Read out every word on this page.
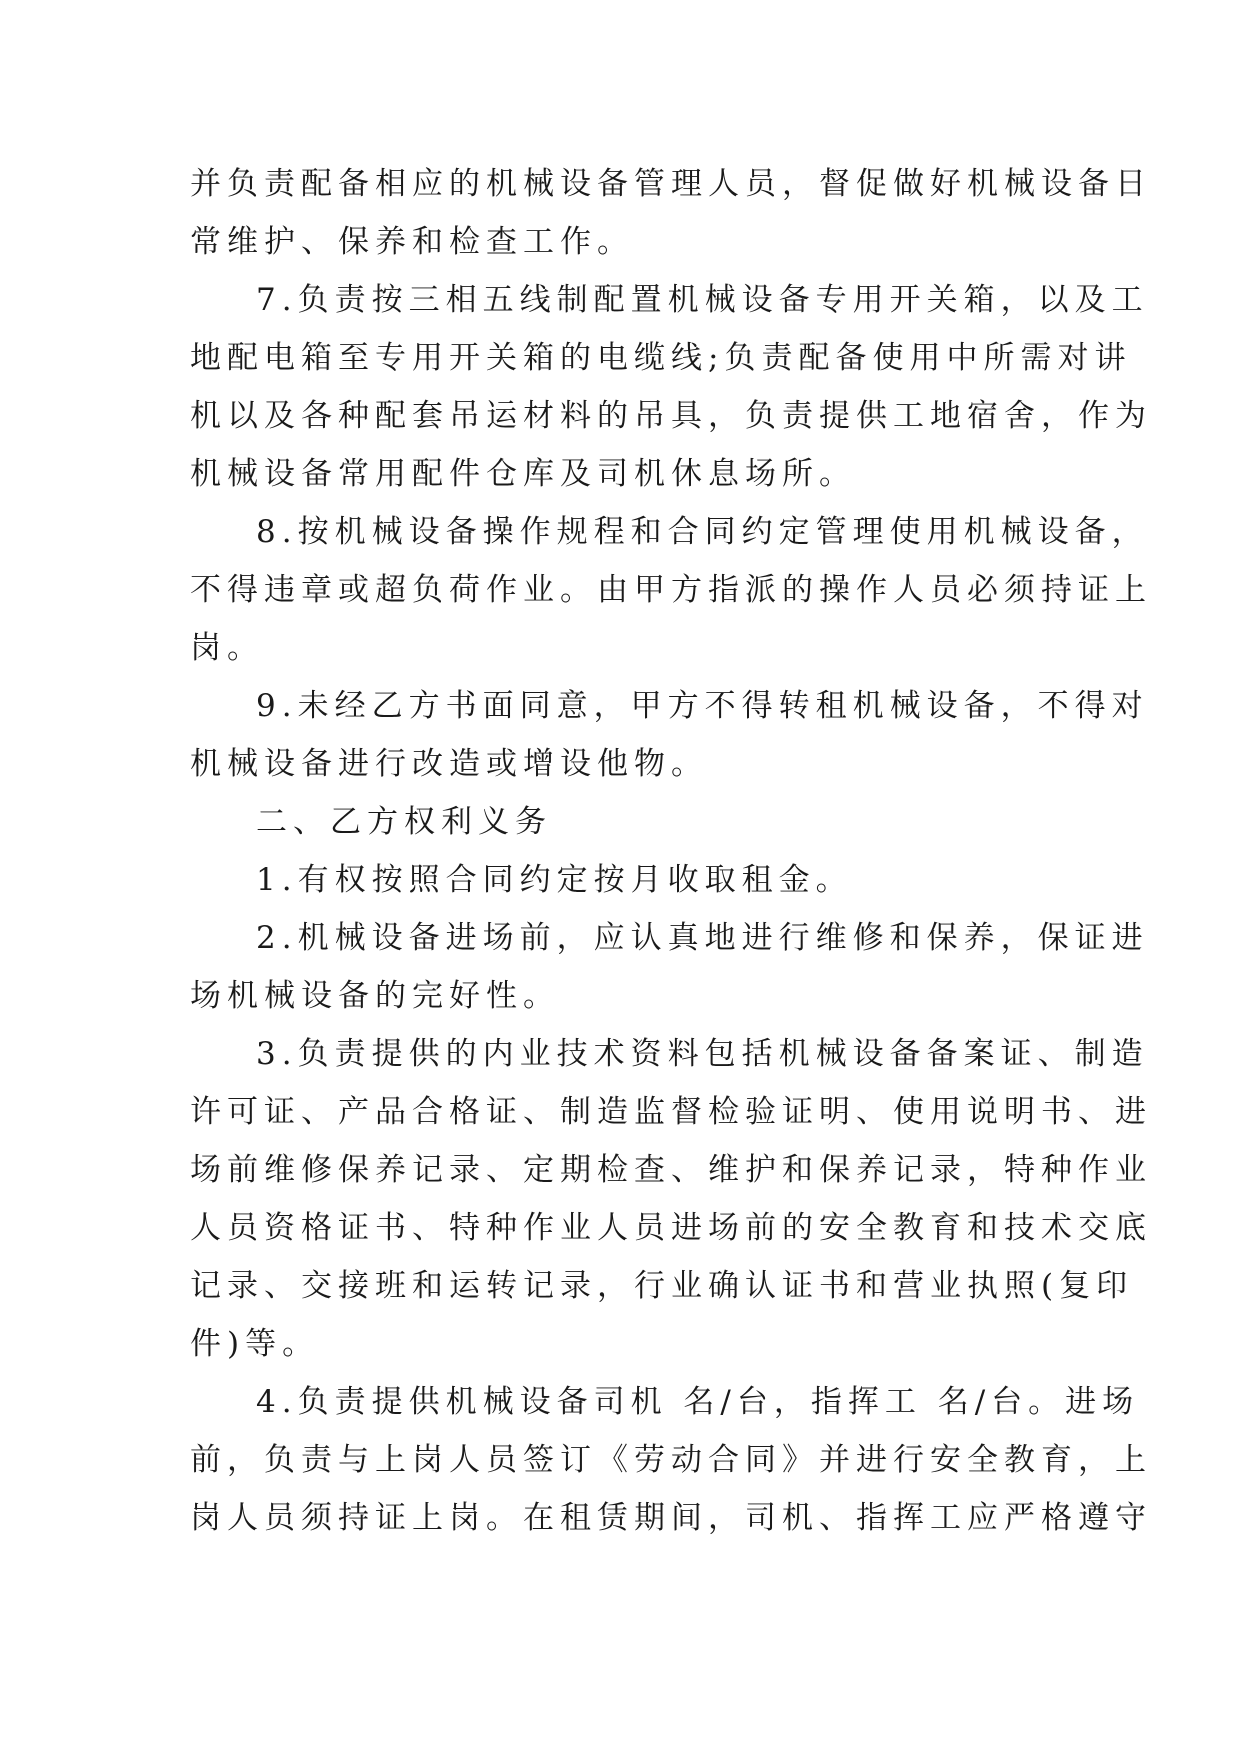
并负责配备相应的机械设备管理人员，督促做好机械设备日
常维护、保养和检查工作。
7.负责按三相五线制配置机械设备专用开关箱，以及工
地配电箱至专用开关箱的电缆线;负责配备使用中所需对讲
机以及各种配套吊运材料的吊具，负责提供工地宿舍，作为
机械设备常用配件仓库及司机休息场所。
8.按机械设备操作规程和合同约定管理使用机械设备，
不得违章或超负荷作业。由甲方指派的操作人员必须持证上
岗。
9.未经乙方书面同意，甲方不得转租机械设备，不得对
机械设备进行改造或增设他物。
二、乙方权利义务
1.有权按照合同约定按月收取租金。
2.机械设备进场前，应认真地进行维修和保养，保证进
场机械设备的完好性。
3.负责提供的内业技术资料包括机械设备备案证、制造
许可证、产品合格证、制造监督检验证明、使用说明书、进
场前维修保养记录、定期检查、维护和保养记录，特种作业
人员资格证书、特种作业人员进场前的安全教育和技术交底
记录、交接班和运转记录，行业确认证书和营业执照(复印
件)等。
4.负责提供机械设备司机 名/台，指挥工 名/台。进场
前，负责与上岗人员签订《劳动合同》并进行安全教育，上
岗人员须持证上岗。在租赁期间，司机、指挥工应严格遵守
